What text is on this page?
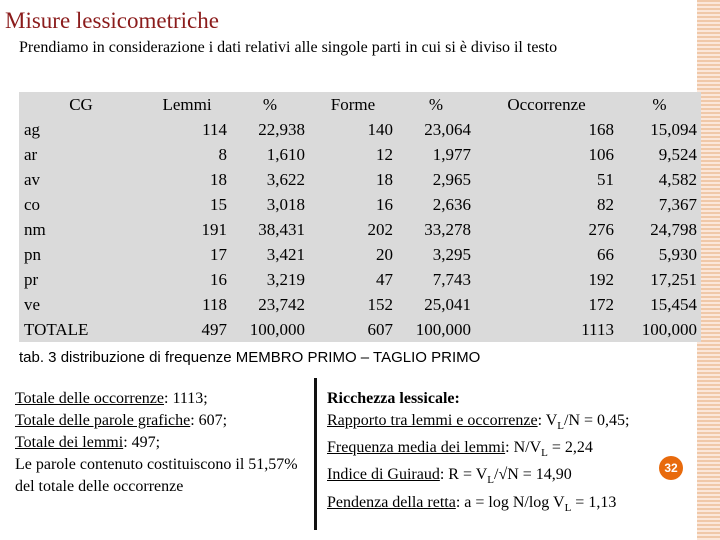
Misure lessicometriche
Prendiamo in considerazione i dati relativi alle singole parti in cui si è diviso il testo
CG	Lemmi	%	Forme	%	Occorrenze	%
ag	114	22,938	140	23,064	168	15,094
ar	8	1,610	12	1,977	106	9,524
av	18	3,622	18	2,965	51	4,582
co	15	3,018	16	2,636	82	7,367
nm	191	38,431	202	33,278	276	24,798
pn	17	3,421	20	3,295	66	5,930
pr	16	3,219	47	7,743	192	17,251
ve	118	23,742	152	25,041	172	15,454
TOTALE	497	100,000	607	100,000	1113	100,000
tab. 3 distribuzione di frequenze MEMBRO PRIMO – TAGLIO PRIMO
Totale delle occorrenze: 1113;
Totale delle parole grafiche: 607;
Totale dei lemmi: 497;
Le parole contenuto costituiscono il 51,57% del totale delle occorrenze
Ricchezza lessicale:
Rapporto tra lemmi e occorrenze: $V_L/N = 0,45$;
Frequenza media dei lemmi: $N/V_L = 2,24$
Indice di Guiraud: $R = V_L/√N = 14,90$
Pendenza della retta: a = log N/log $V_L = 1,13$
32
